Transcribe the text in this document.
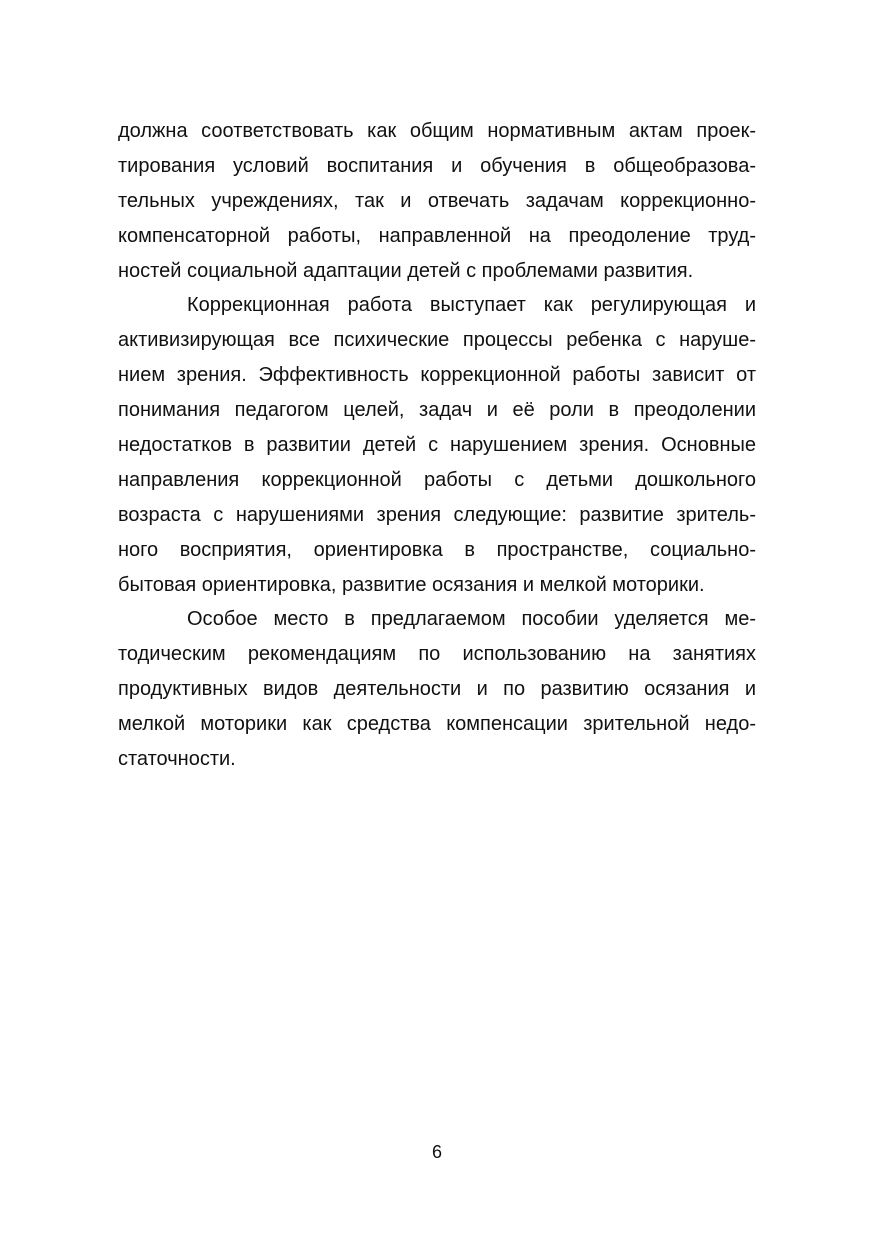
должна соответствовать как общим нормативным актам проек-
тирования условий воспитания и обучения в общеобразова-
тельных учреждениях, так и отвечать задачам коррекционно-
компенсаторной работы, направленной на преодоление труд-
ностей социальной адаптации детей с проблемами развития.
Коррекционная работа выступает как регулирующая и
активизирующая все психические процессы ребенка с наруше-
нием зрения. Эффективность коррекционной работы зависит от
понимания педагогом целей, задач и её роли в преодолении
недостатков в развитии детей с нарушением зрения. Основные
направления коррекционной работы с детьми дошкольного
возраста с нарушениями зрения следующие: развитие зритель-
ного восприятия, ориентировка в пространстве, социально-
бытовая ориентировка, развитие осязания и мелкой моторики.
Особое место в предлагаемом пособии уделяется ме-
тодическим рекомендациям по использованию на занятиях
продуктивных видов деятельности и по развитию осязания и
мелкой моторики как средства компенсации зрительной недо-
статочности.
6
